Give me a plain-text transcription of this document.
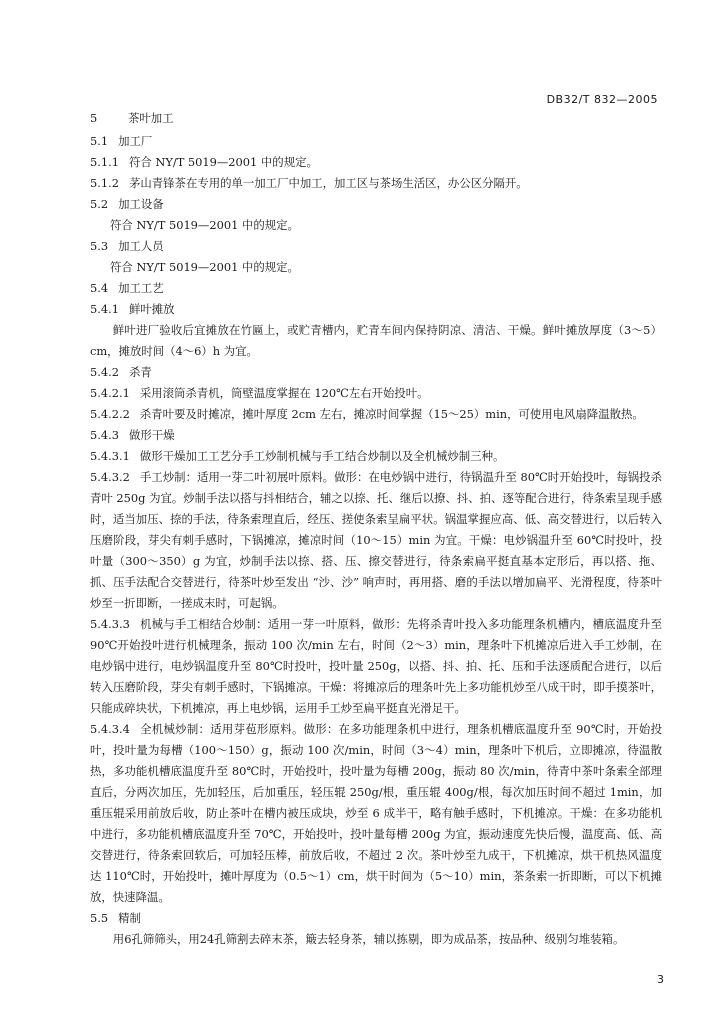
DB32/T 832—2005
5	茶叶加工
5.1 加工厂
5.1.1 符合 NY/T 5019—2001 中的规定。
5.1.2 茅山青锋茶在专用的单一加工厂中加工，加工区与茶场生活区，办公区分隔开。
5.2 加工设备
符合 NY/T 5019—2001 中的规定。
5.3 加工人员
符合 NY/T 5019—2001 中的规定。
5.4 加工工艺
5.4.1 鲜叶摊放
鲜叶进厂验收后宜摊放在竹匾上，或贮青槽内，贮青车间内保持阴凉、清洁、干燥。鲜叶摊放厚度（3～5）cm，摊放时间（4～6）h 为宜。
5.4.2 杀青
5.4.2.1 采用滚筒杀青机，筒壁温度掌握在 120℃左右开始投叶。
5.4.2.2 杀青叶要及时摊凉，摊叶厚度 2cm 左右，摊凉时间掌握（15～25）min，可使用电风扇降温散热。
5.4.3 做形干燥
5.4.3.1 做形干燥加工工艺分手工炒制机械与手工结合炒制以及全机械炒制三种。
5.4.3.2 手工炒制：适用一芽二叶初展叶原料。做形：在电炒锅中进行，待锅温升至 80℃时开始投叶，每锅投杀青叶 250g 为宜。炒制手法以搭与抖相结合，辅之以捺、托、继后以撩、抖、拍、逐等配合进行，待条索呈现手感时，适当加压、捺的手法，待条索理直后，经压、搓使条索呈扁平状。锅温掌握应高、低、高交替进行，以后转入压磨阶段，芽尖有刺手感时，下锅摊凉，摊凉时间（10～15）min 为宜。干燥：电炒锅温升至 60℃时投叶，投叶量（300～350）g 为宜，炒制手法以捺、搭、压、擦交替进行，待条索扁平挺直基本定形后，再以搭、拖、抓、压手法配合交替进行，待茶叶炒至发出 “沙、沙” 响声时，再用搭、磨的手法以增加扁平、光滑程度，待茶叶炒至一折即断，一搓成末时，可起锅。
5.4.3.3 机械与手工相结合炒制：适用一芽一叶原料，做形：先将杀青叶投入多功能理条机槽内，槽底温度升至 90℃开始投叶进行机械理条，振动 100 次/min 左右，时间（2～3）min，理条叶下机摊凉后进入手工炒制，在电炒锅中进行，电炒锅温度升至 80℃时投叶，投叶量 250g，以搭、抖、拍、托、压和手法逐质配合进行，以后转入压磨阶段，芽尖有刺手感时，下锅摊凉。干燥：将摊凉后的理条叶先上多功能机炒至八成干时，即手摸茶叶，只能成碎块状，下机摊凉，再上电炒锅，运用手工炒至扁平挺直光滑足干。
5.4.3.4 全机械炒制：适用芽苞形原料。做形：在多功能理条机中进行，理条机槽底温度升至 90℃时，开始投叶，投叶量为每槽（100～150）g，振动 100 次/min，时间（3～4）min，理条叶下机后，立即摊凉，待温散热，多功能机槽底温度升至 80℃时，开始投叶，投叶量为每槽 200g，振动 80 次/min，待青中茶叶条索全部理直后，分两次加压，先加轻压，后加重压，轻压辊 250g/根，重压辊 400g/根，每次加压时间不超过 1min，加重压辊采用前放后收，防止茶叶在槽内被压成块，炒至 6 成半干，略有触手感时，下机摊凉。干燥：在多功能机中进行，多功能机槽底温度升至 70℃，开始投叶，投叶量每槽 200g 为宜，振动速度先快后慢，温度高、低、高交替进行，待条索回软后，可加轻压棒，前放后收，不超过 2 次。茶叶炒至九成干，下机摊凉，烘干机热风温度达 110℃时，开始投叶，摊叶厚度为（0.5～1）cm，烘干时间为（5～10）min，茶条索一折即断，可以下机摊放，快速降温。
5.5 精制
用6孔筛筛头，用24孔筛割去碎末茶，簸去轻身茶，辅以拣剔，即为成品茶，按品种、级别匀堆装箱。
3
